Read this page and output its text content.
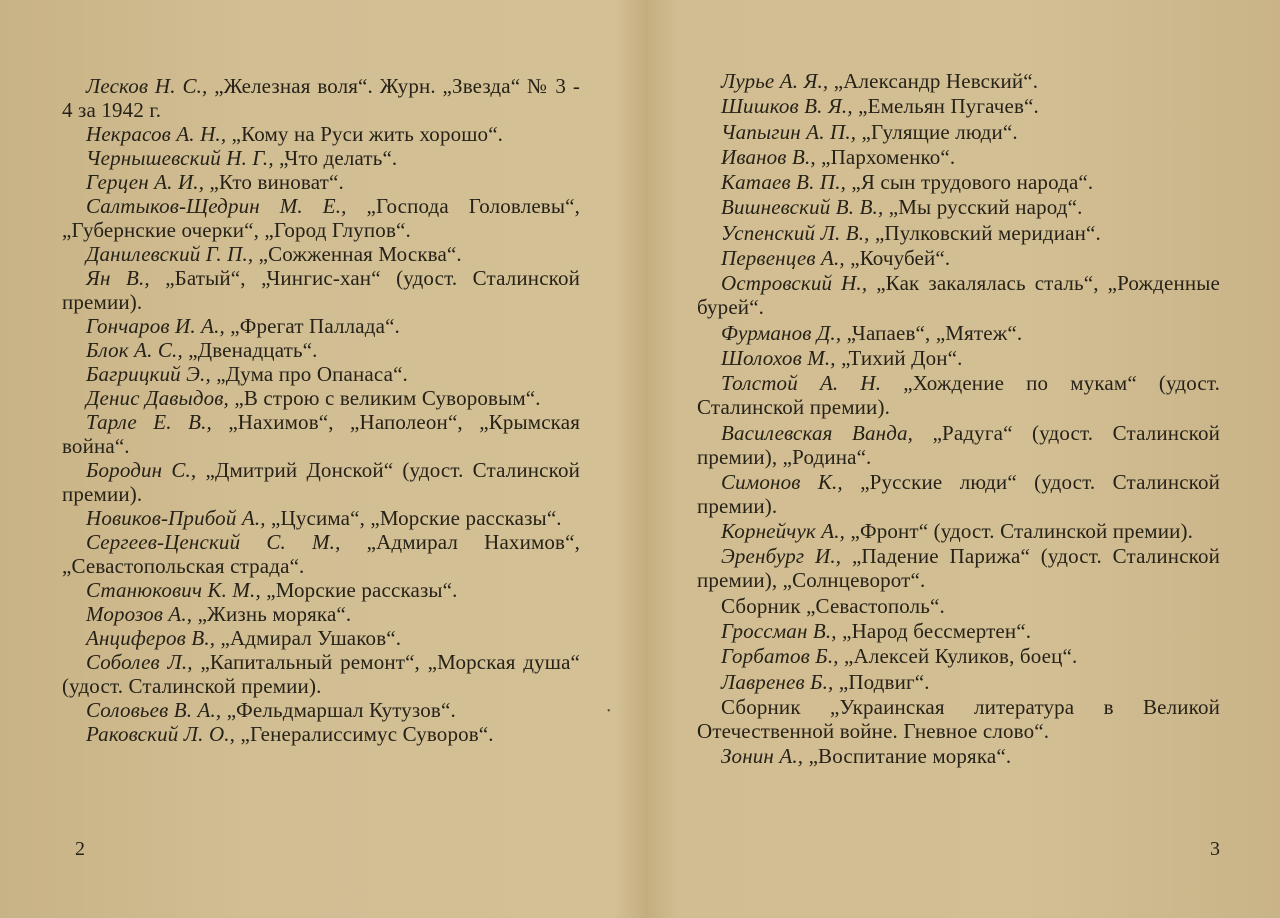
Лесков Н. С., „Железная воля“. Журн. „Звезда“ № 3 - 4 за 1942 г.

Некрасов А. Н., „Кому на Руси жить хорошо“.

Чернышевский Н. Г., „Что делать“.

Герцен А. И., „Кто виноват“.

Салтыков-Щедрин М. Е., „Господа Головлевы“, „Губернские очерки“, „Город Глупов“.

Данилевский Г. П., „Сожженная Москва“.

Ян В., „Батый“, „Чингис-хан“ (удост. Сталинской премии).

Гончаров И. А., „Фрегат Паллада“.

Блок А. С., „Двенадцать“.

Багрицкий Э., „Дума про Опанаса“.

Денис Давыдов, „В строю с великим Суворовым“.

Тарле Е. В., „Нахимов“, „Наполеон“, „Крымская война“.

Бородин С., „Дмитрий Донской“ (удост. Сталинской премии).

Новиков-Прибой А., „Цусима“, „Морские рассказы“.

Сергеев-Ценский С. М., „Адмирал Нахимов“, „Севастопольская страда“.

Станюкович К. М., „Морские рассказы“.

Морозов А., „Жизнь моряка“.

Анциферов В., „Адмирал Ушаков“.

Соболев Л., „Капитальный ремонт“, „Морская душа“ (удост. Сталинской премии).

Соловьев В. А., „Фельдмаршал Кутузов“.

Раковский Л. О., „Генералиссимус Суворов“.

2
•

Лурье А. Я., „Александр Невский“.

Шишков В. Я., „Емельян Пугачев“.

Чапыгин А. П., „Гулящие люди“.

Иванов В., „Пархоменко“.

Катаев В. П., „Я сын трудового народа“.

Вишневский В. В., „Мы русский народ“.

Успенский Л. В., „Пулковский меридиан“.

Первенцев А., „Кочубей“.

Островский Н., „Как закалялась сталь“, „Рожденные бурей“.

Фурманов Д., „Чапаев“, „Мятеж“.

Шолохов М., „Тихий Дон“.

Толстой А. Н. „Хождение по мукам“ (удост. Сталинской премии).

Василевская Ванда, „Радуга“ (удост. Сталинской премии), „Родина“.

Симонов К., „Русские люди“ (удост. Сталинской премии).

Корнейчук А., „Фронт“ (удост. Сталинской премии).

Эренбург И., „Падение Парижа“ (удост. Сталинской премии), „Солнцеворот“.

Сборник „Севастополь“.

Гроссман В., „Народ бессмертен“.

Горбатов Б., „Алексей Куликов, боец“.

Лавренев Б., „Подвиг“.

Сборник „Украинская литература в Великой Отечественной войне. Гневное слово“.

Зонин А., „Воспитание моряка“.

3
